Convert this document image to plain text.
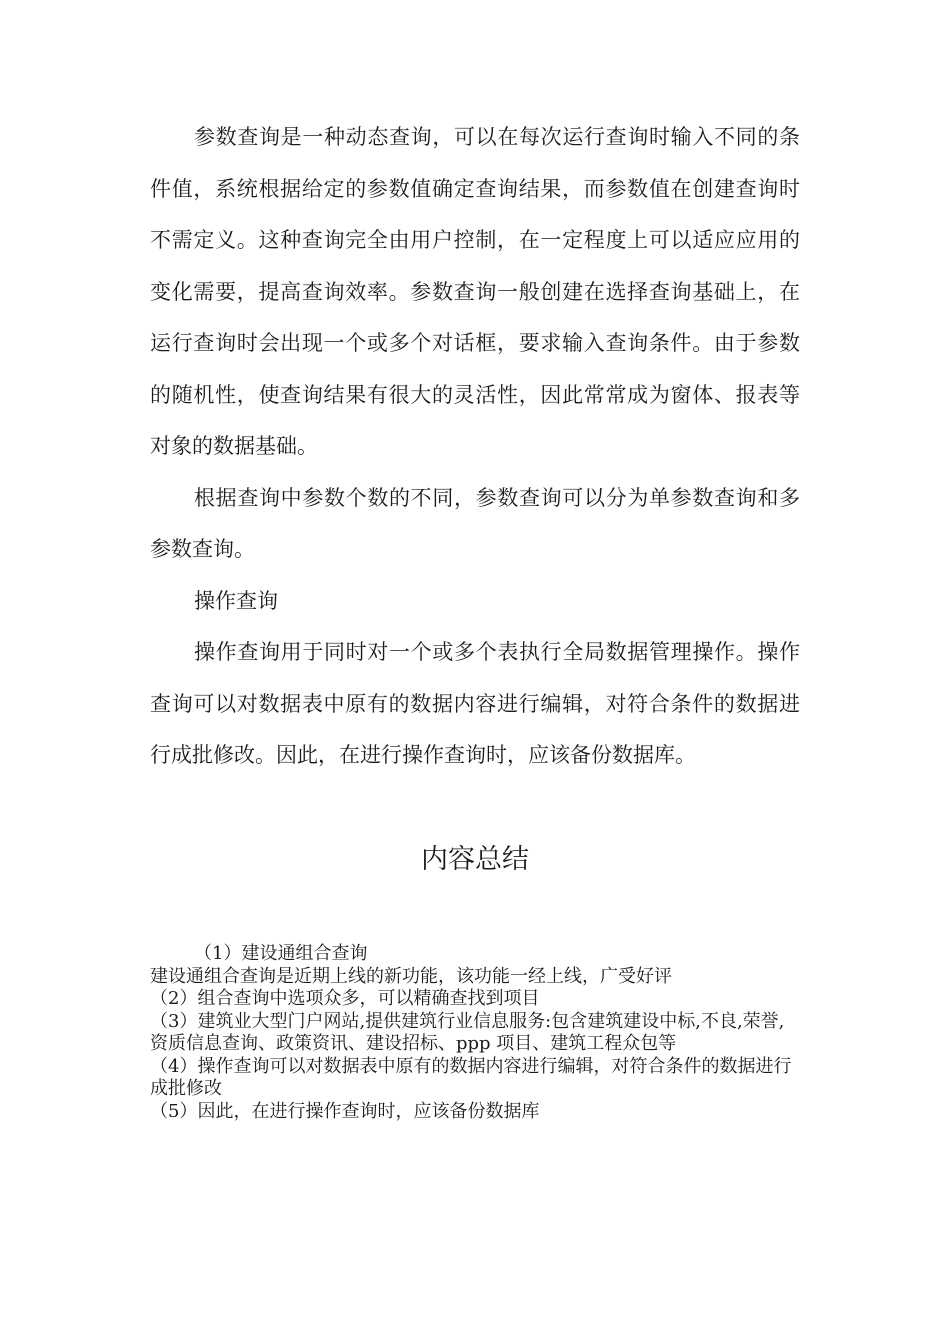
参数查询是一种动态查询，可以在每次运行查询时输入不同的条件值，系统根据给定的参数值确定查询结果，而参数值在创建查询时不需定义。这种查询完全由用户控制，在一定程度上可以适应应用的变化需要，提高查询效率。参数查询一般创建在选择查询基础上，在运行查询时会出现一个或多个对话框，要求输入查询条件。由于参数的随机性，使查询结果有很大的灵活性，因此常常成为窗体、报表等对象的数据基础。

根据查询中参数个数的不同，参数查询可以分为单参数查询和多参数查询。

操作查询

操作查询用于同时对一个或多个表执行全局数据管理操作。操作查询可以对数据表中原有的数据内容进行编辑，对符合条件的数据进行成批修改。因此，在进行操作查询时，应该备份数据库。

内容总结

（1）建设通组合查询

建设通组合查询是近期上线的新功能，该功能一经上线，广受好评

（2）组合查询中选项众多，可以精确查找到项目

（3）建筑业大型门户网站,提供建筑行业信息服务:包含建筑建设中标,不良,荣誉,资质信息查询、政策资讯、建设招标、ppp 项目、建筑工程众包等

（4）操作查询可以对数据表中原有的数据内容进行编辑，对符合条件的数据进行成批修改

（5）因此，在进行操作查询时，应该备份数据库
